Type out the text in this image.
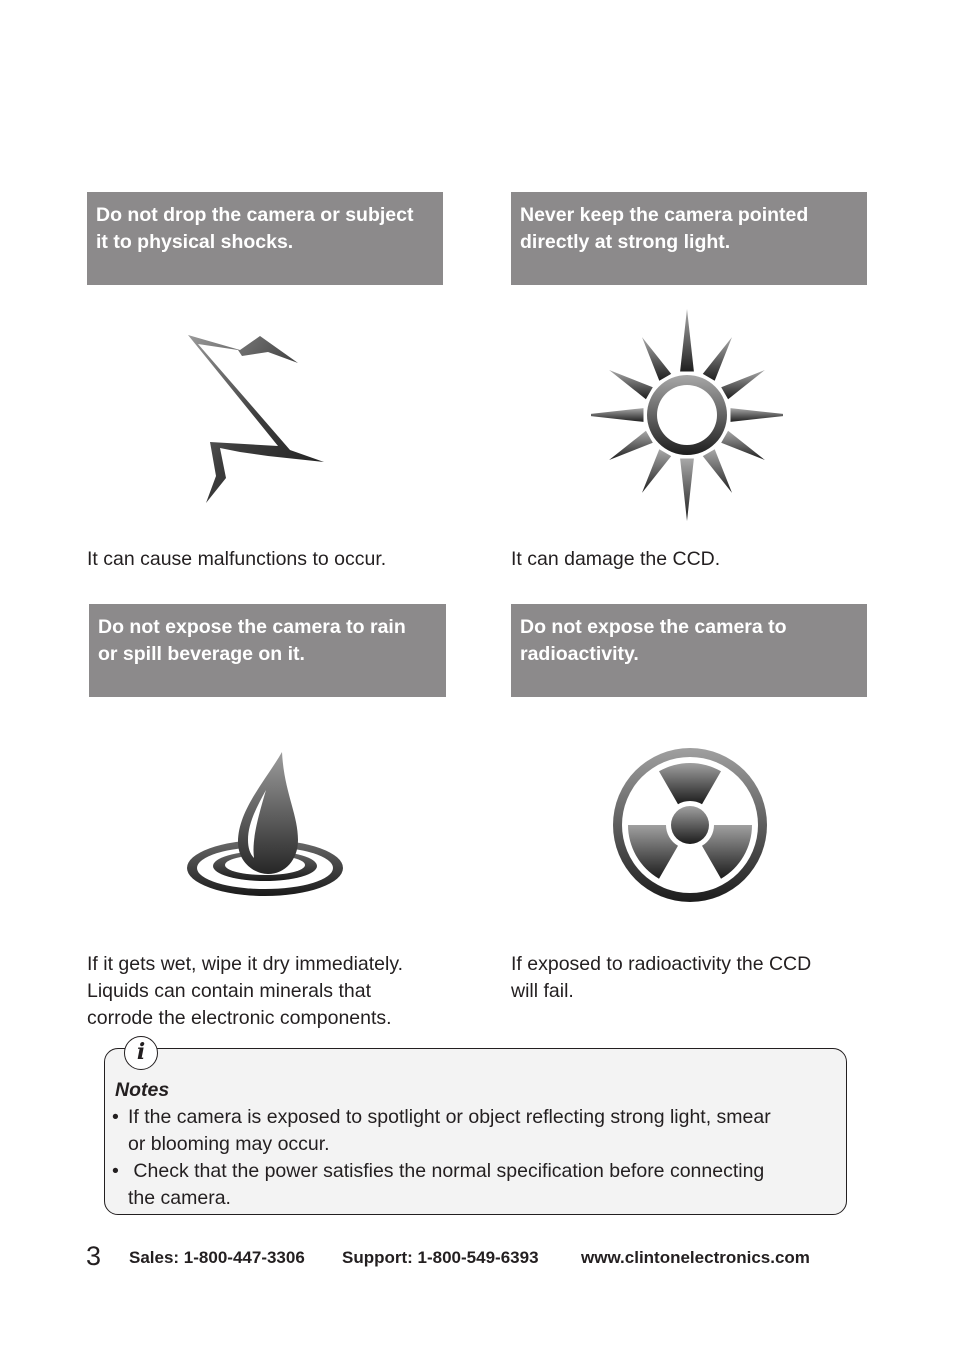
Do not drop the camera or subject
it to physical shocks.
It can cause malfunctions to occur.
Never keep the camera pointed
directly at strong light.
It can damage the CCD.
Do not expose the camera to rain
or spill beverage on it.
If it gets wet, wipe it dry immediately.
Liquids can contain minerals that
corrode the electronic components.
Do not expose the camera to
radioactivity.
If exposed to radioactivity the CCD
will fail.
i
Notes
• If the camera is exposed to spotlight or object reflecting strong light, smear
or blooming may occur.
• Check that the power satisfies the normal specification before connecting
the camera.
3 Sales: 1-800-447-3306 Support: 1-800-549-6393 www.clintonelectronics.com
